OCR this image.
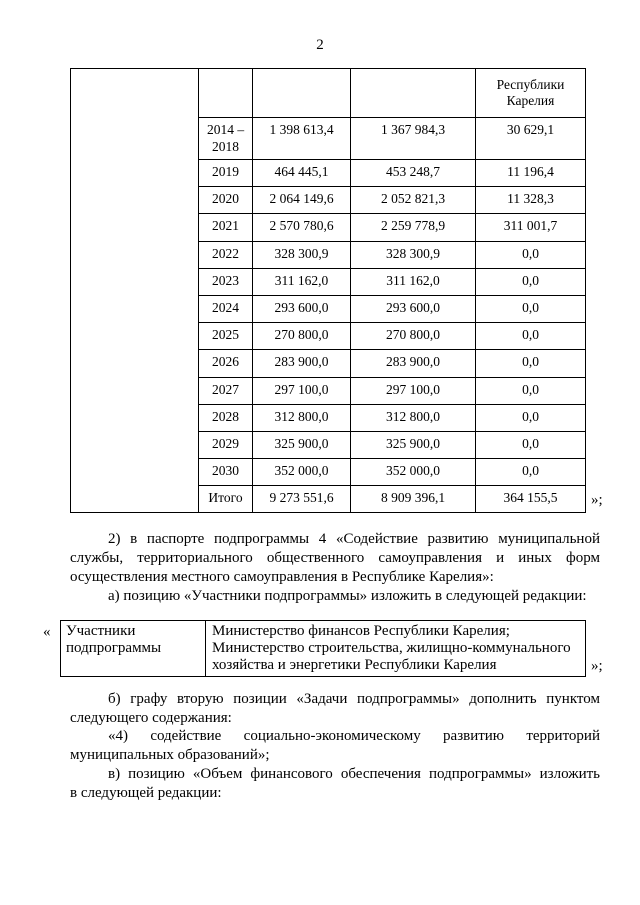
2

				Республики
Карелия

	2014 – 2018	1 398 613,4	1 367 984,3	30 629,1
	2019	464 445,1	453 248,7	11 196,4
	2020	2 064 149,6	2 052 821,3	11 328,3
	2021	2 570 780,6	2 259 778,9	311 001,7
	2022	328 300,9	328 300,9	0,0
	2023	311 162,0	311 162,0	0,0
	2024	293 600,0	293 600,0	0,0
	2025	270 800,0	270 800,0	0,0
	2026	283 900,0	283 900,0	0,0
	2027	297 100,0	297 100,0	0,0
	2028	312 800,0	312 800,0	0,0
	2029	325 900,0	325 900,0	0,0
	2030	352 000,0	352 000,0	0,0
	Итого	9 273 551,6	8 909 396,1	364 155,5 »;
2) в паспорте подпрограммы 4 «Содействие развитию муниципальной
службы, территориального общественного самоуправления и иных форм
осуществления местного самоуправления в Республике Карелия»:
а) позицию «Участники подпрограммы» изложить в следующей редакции:
« Участники
подпрограммы

Министерство финансов Республики Карелия;
Министерство строительства, жилищно-коммунального
хозяйства и энергетики Республики Карелия	»;
б) графу вторую позиции «Задачи подпрограммы» дополнить пунктом
следующего содержания:
«4) содействие социально-экономическому развитию территорий
муниципальных образований»;
в) позицию «Объем финансового обеспечения подпрограммы» изложить
в следующей редакции:
